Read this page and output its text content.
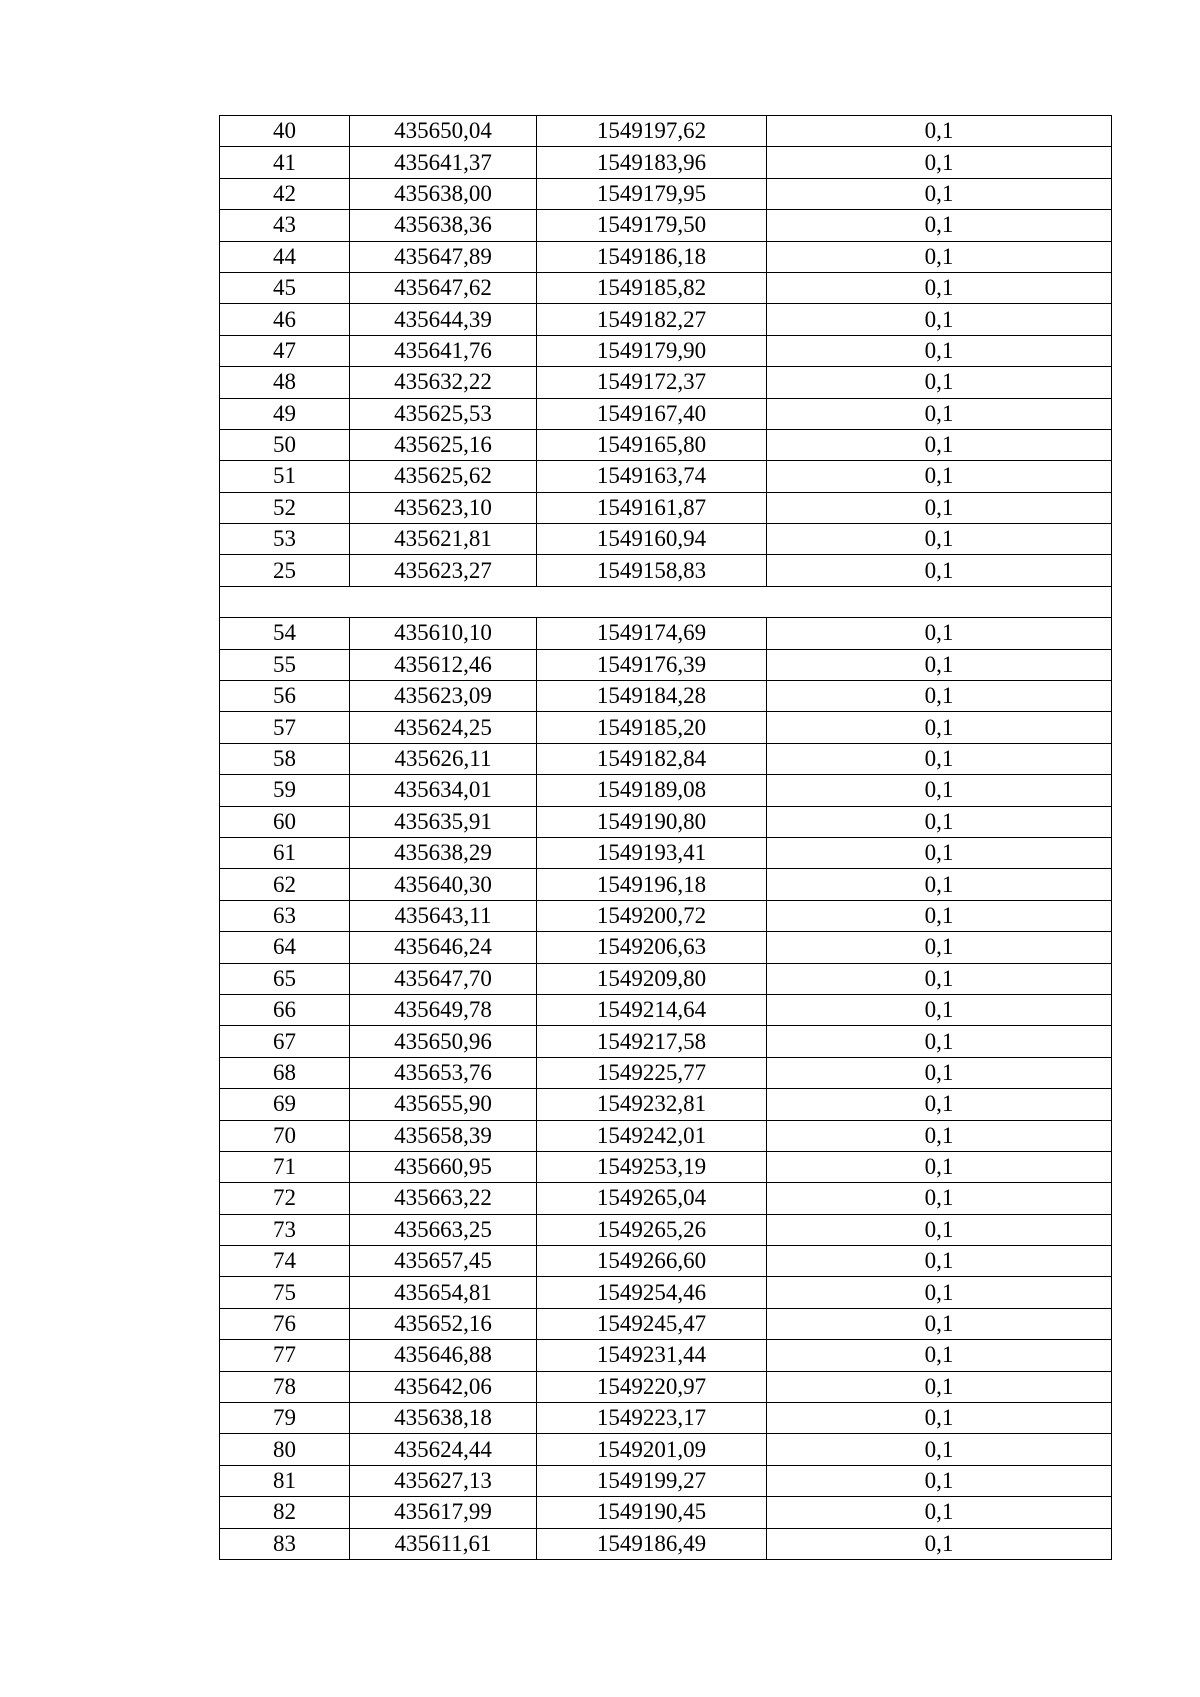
40	435650,04	1549197,62	0,1
41	435641,37	1549183,96	0,1
42	435638,00	1549179,95	0,1
43	435638,36	1549179,50	0,1
44	435647,89	1549186,18	0,1
45	435647,62	1549185,82	0,1
46	435644,39	1549182,27	0,1
47	435641,76	1549179,90	0,1
48	435632,22	1549172,37	0,1
49	435625,53	1549167,40	0,1
50	435625,16	1549165,80	0,1
51	435625,62	1549163,74	0,1
52	435623,10	1549161,87	0,1
53	435621,81	1549160,94	0,1
25	435623,27	1549158,83	0,1

54	435610,10	1549174,69	0,1
55	435612,46	1549176,39	0,1
56	435623,09	1549184,28	0,1
57	435624,25	1549185,20	0,1
58	435626,11	1549182,84	0,1
59	435634,01	1549189,08	0,1
60	435635,91	1549190,80	0,1
61	435638,29	1549193,41	0,1
62	435640,30	1549196,18	0,1
63	435643,11	1549200,72	0,1
64	435646,24	1549206,63	0,1
65	435647,70	1549209,80	0,1
66	435649,78	1549214,64	0,1
67	435650,96	1549217,58	0,1
68	435653,76	1549225,77	0,1
69	435655,90	1549232,81	0,1
70	435658,39	1549242,01	0,1
71	435660,95	1549253,19	0,1
72	435663,22	1549265,04	0,1
73	435663,25	1549265,26	0,1
74	435657,45	1549266,60	0,1
75	435654,81	1549254,46	0,1
76	435652,16	1549245,47	0,1
77	435646,88	1549231,44	0,1
78	435642,06	1549220,97	0,1
79	435638,18	1549223,17	0,1
80	435624,44	1549201,09	0,1
81	435627,13	1549199,27	0,1
82	435617,99	1549190,45	0,1
83	435611,61	1549186,49	0,1
